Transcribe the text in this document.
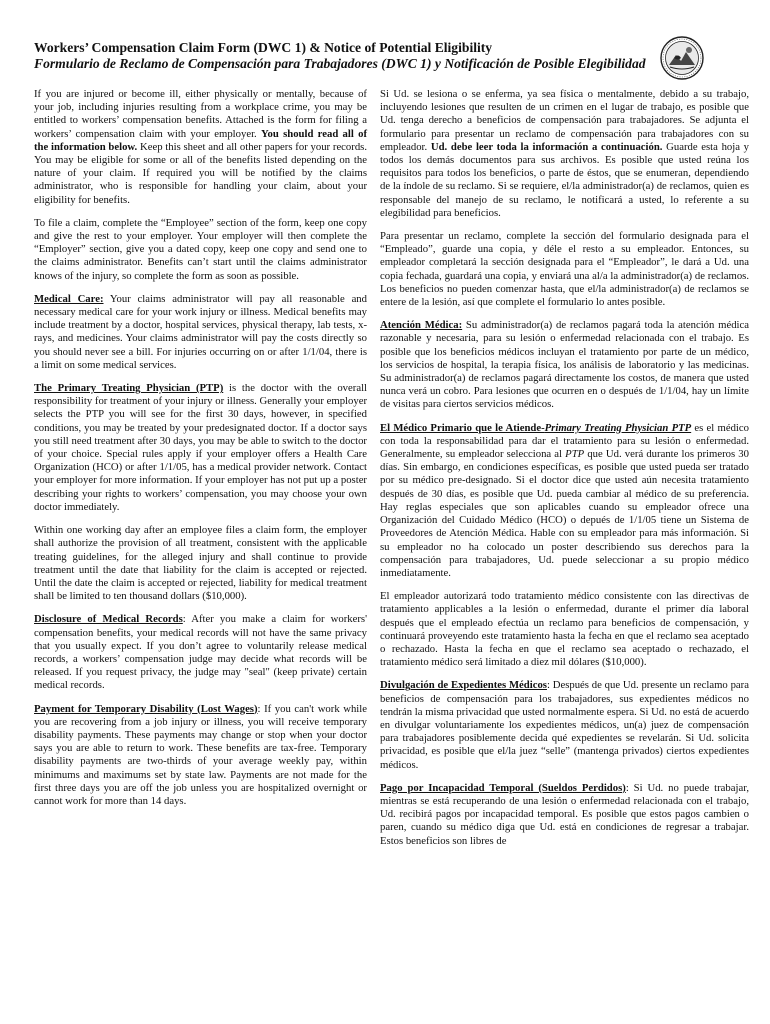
Workers’ Compensation Claim Form (DWC 1) & Notice of Potential Eligibility
Formulario de Reclamo de Compensación para Trabajadores (DWC 1) y Notificación de Posible Elegibilidad

If you are injured or become ill, either physically or mentally, because of your job, including injuries resulting from a workplace crime, you may be entitled to workers’ compensation benefits. Attached is the form for filing a workers’ compensation claim with your employer. You should read all of the information below. Keep this sheet and all other papers for your records. You may be eligible for some or all of the benefits listed depending on the nature of your claim. If required you will be notified by the claims administrator, who is responsible for handling your claim, about your eligibility for benefits.

To file a claim, complete the “Employee” section of the form, keep one copy and give the rest to your employer. Your employer will then complete the “Employer” section, give you a dated copy, keep one copy and send one to the claims administrator. Benefits can’t start until the claims administrator knows of the injury, so complete the form as soon as possible.

Medical Care: Your claims administrator will pay all reasonable and necessary medical care for your work injury or illness. Medical benefits may include treatment by a doctor, hospital services, physical therapy, lab tests, x-rays, and medicines. Your claims administrator will pay the costs directly so you should never see a bill. For injuries occurring on or after 1/1/04, there is a limit on some medical services.

The Primary Treating Physician (PTP) is the doctor with the overall responsibility for treatment of your injury or illness. Generally your employer selects the PTP you will see for the first 30 days, however, in specified conditions, you may be treated by your predesignated doctor. If a doctor says you still need treatment after 30 days, you may be able to switch to the doctor of your choice. Special rules apply if your employer offers a Health Care Organization (HCO) or after 1/1/05, has a medical provider network. Contact your employer for more information. If your employer has not put up a poster describing your rights to workers’ compensation, you may choose your own doctor immediately.

Within one working day after an employee files a claim form, the employer shall authorize the provision of all treatment, consistent with the applicable treating guidelines, for the alleged injury and shall continue to provide treatment until the date that liability for the claim is accepted or rejected. Until the date the claim is accepted or rejected, liability for medical treatment shall be limited to ten thousand dollars ($10,000).

Disclosure of Medical Records: After you make a claim for workers' compensation benefits, your medical records will not have the same privacy that you usually expect. If you don’t agree to voluntarily release medical records, a workers’ compensation judge may decide what records will be released. If you request privacy, the judge may "seal" (keep private) certain medical records.

Payment for Temporary Disability (Lost Wages): If you can't work while you are recovering from a job injury or illness, you will receive temporary disability payments. These payments may change or stop when your doctor says you are able to return to work. These benefits are tax-free. Temporary disability payments are two-thirds of your average weekly pay, within minimums and maximums set by state law. Payments are not made for the first three days you are off the job unless you are hospitalized overnight or cannot work for more than 14 days.

Si Ud. se lesiona o se enferma, ya sea física o mentalmente, debido a su trabajo, incluyendo lesiones que resulten de un crimen en el lugar de trabajo, es posible que Ud. tenga derecho a beneficios de compensación para trabajadores. Se adjunta el formulario para presentar un reclamo de compensación para trabajadores con su empleador. Ud. debe leer toda la información a continuación. Guarde esta hoja y todos los demás documentos para sus archivos. Es posible que usted reúna los requisitos para todos los beneficios, o parte de éstos, que se enumeran, dependiendo de la índole de su reclamo. Si se requiere, el/la administrador(a) de reclamos, quien es responsable del manejo de su reclamo, le notificará a usted, lo referente a su elegibilidad para beneficios.

Para presentar un reclamo, complete la sección del formulario designada para el “Empleado”, guarde una copia, y déle el resto a su empleador. Entonces, su empleador completará la sección designada para el “Empleador”, le dará a Ud. una copia fechada, guardará una copia, y enviará una al/a la administrador(a) de reclamos. Los beneficios no pueden comenzar hasta, que el/la administrador(a) de reclamos se entere de la lesión, así que complete el formulario lo antes posible.

Atención Médica: Su administrador(a) de reclamos pagará toda la atención médica razonable y necesaria, para su lesión o enfermedad relacionada con el trabajo. Es posible que los beneficios médicos incluyan el tratamiento por parte de un médico, los servicios de hospital, la terapia física, los análisis de laboratorio y las medicinas. Su administrador(a) de reclamos pagará directamente los costos, de manera que usted nunca verá un cobro. Para lesiones que ocurren en o después de 1/1/04, hay un límite de visitas para ciertos servicios médicos.

El Médico Primario que le Atiende-Primary Treating Physician PTP es el médico con toda la responsabilidad para dar el tratamiento para su lesión o enfermedad. Generalmente, su empleador selecciona al PTP que Ud. verá durante los primeros 30 días. Sin embargo, en condiciones específicas, es posible que usted pueda ser tratado por su médico pre-designado. Si el doctor dice que usted aún necesita tratamiento después de 30 días, es posible que Ud. pueda cambiar al médico de su preferencia. Hay reglas especiales que son aplicables cuando su empleador ofrece una Organización del Cuidado Médico (HCO) o depués de 1/1/05 tiene un Sistema de Proveedores de Atención Médica. Hable con su empleador para más información. Si su empleador no ha colocado un poster describiendo sus derechos para la compensación para trabajadores, Ud. puede seleccionar a su propio médico inmediatamente.

El empleador autorizará todo tratamiento médico consistente con las directivas de tratamiento applicables a la lesión o enfermedad, durante el primer día laboral después que el empleado efectúa un reclamo para beneficios de compensación, y continuará proveyendo este tratamiento hasta la fecha en que el reclamo sea aceptado o rechazado. Hasta la fecha en que el reclamo sea aceptado o rechazado, el tratamiento médico será limitado a diez mil dólares ($10,000).

Divulgación de Expedientes Médicos: Después de que Ud. presente un reclamo para beneficios de compensación para los trabajadores, sus expedientes médicos no tendrán la misma privacidad que usted normalmente espera. Si Ud. no está de acuerdo en divulgar voluntariamente los expedientes médicos, un(a) juez de compensación para trabajadores posiblemente decida qué expedientes se revelarán. Si Ud. solicita privacidad, es posible que el/la juez “selle” (mantenga privados) ciertos expedientes médicos.

Pago por Incapacidad Temporal (Sueldos Perdidos): Si Ud. no puede trabajar, mientras se está recuperando de una lesión o enfermedad relacionada con el trabajo, Ud. recibirá pagos por incapacidad temporal. Es posible que estos pagos cambien o paren, cuando su médico diga que Ud. está en condiciones de regresar a trabajar. Estos beneficios son libres de
